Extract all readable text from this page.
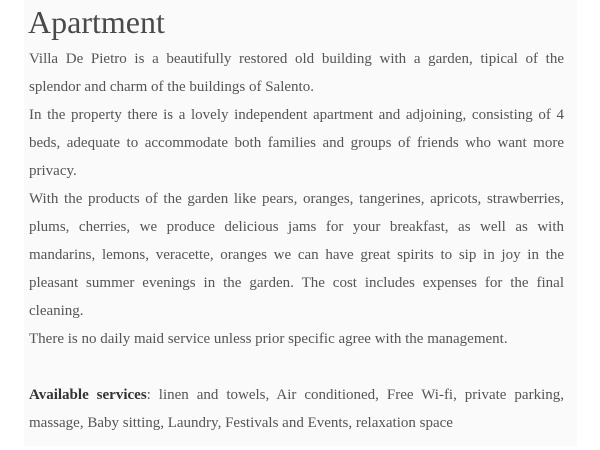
Apartment

Villa De Pietro is a beautifully restored old building with a garden, tipical of the splendor and charm of the buildings of Salento.

In the property there is a lovely independent apartment and adjoining, consisting of 4 beds, adequate to accommodate both families and groups of friends who want more privacy.

With the products of the garden like pears, oranges, tangerines, apricots, strawberries, plums, cherries, we produce delicious jams for your breakfast, as well as with mandarins, lemons, veracette, oranges we can have great spirits to sip in joy in the pleasant summer evenings in the garden. The cost includes expenses for the final cleaning.

There is no daily maid service unless prior specific agree with the management.

Available services: linen and towels, Air conditioned, Free Wi-fi, private parking, massage, Baby sitting, Laundry, Festivals and Events, relaxation space
